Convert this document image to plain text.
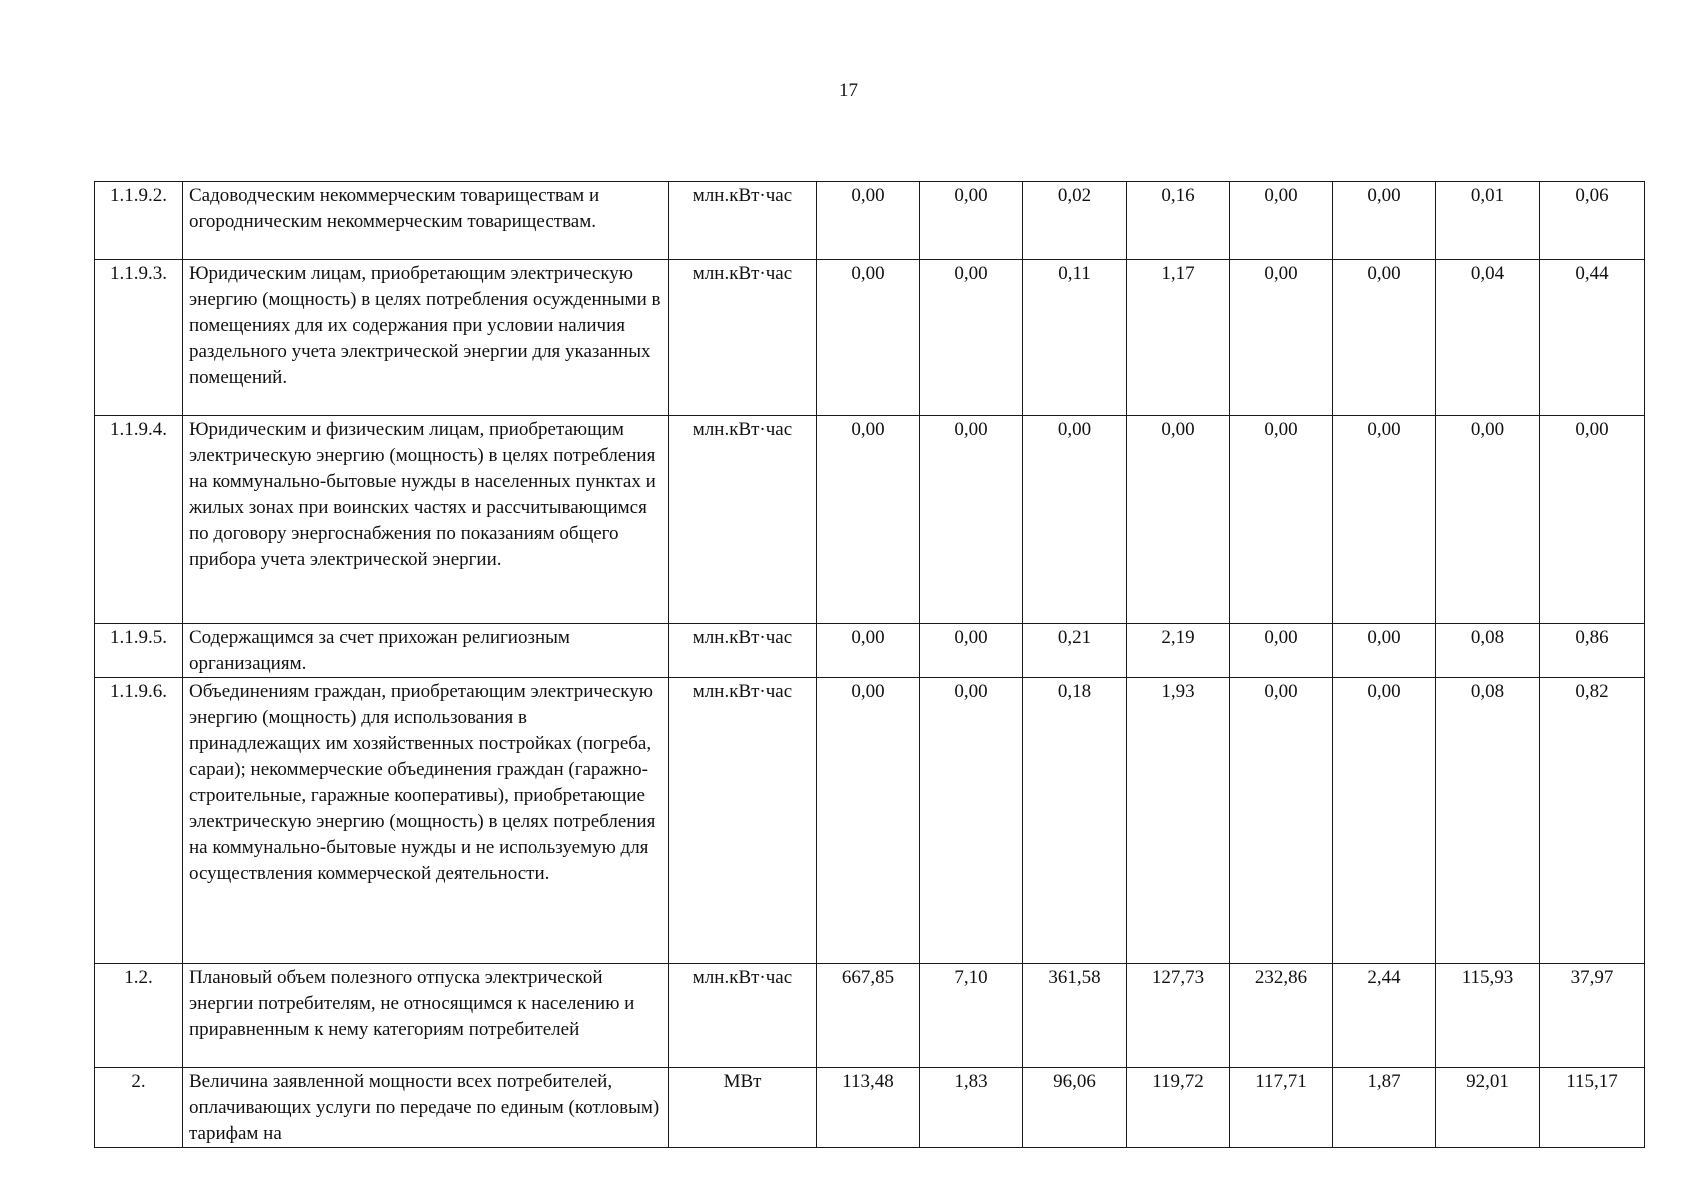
17
1.1.9.2.	Садоводческим некоммерческим товариществам и огородническим некоммерческим товариществам.	млн.кВт·час	0,00	0,00	0,02	0,16	0,00	0,00	0,01	0,06
1.1.9.3.	Юридическим лицам, приобретающим электрическую энергию (мощность) в целях потребления осужденными в помещениях для их содержания при условии наличия раздельного учета электрической энергии для указанных помещений.	млн.кВт·час	0,00	0,00	0,11	1,17	0,00	0,00	0,04	0,44
1.1.9.4.	Юридическим и физическим лицам, приобретающим электрическую энергию (мощность) в целях потребления на коммунально-бытовые нужды в населенных пунктах и жилых зонах при воинских частях и рассчитывающимся по договору энергоснабжения по показаниям общего прибора учета электрической энергии.	млн.кВт·час	0,00	0,00	0,00	0,00	0,00	0,00	0,00	0,00
1.1.9.5.	Содержащимся за счет прихожан религиозным организациям.	млн.кВт·час	0,00	0,00	0,21	2,19	0,00	0,00	0,08	0,86
1.1.9.6.	Объединениям граждан, приобретающим электрическую энергию (мощность) для использования в принадлежащих им хозяйственных постройках (погреба, сараи); некоммерческие объединения граждан (гаражно-строительные, гаражные кооперативы), приобретающие электрическую энергию (мощность) в целях потребления на коммунально-бытовые нужды и не используемую для осуществления коммерческой деятельности.	млн.кВт·час	0,00	0,00	0,18	1,93	0,00	0,00	0,08	0,82
1.2.	Плановый объем полезного отпуска электрической энергии потребителям, не относящимся к населению и приравненным к нему категориям потребителей	млн.кВт·час	667,85	7,10	361,58	127,73	232,86	2,44	115,93	37,97
2.	Величина заявленной мощности всех потребителей, оплачивающих услуги по передаче по единым (котловым) тарифам на	МВт	113,48	1,83	96,06	119,72	117,71	1,87	92,01	115,17
